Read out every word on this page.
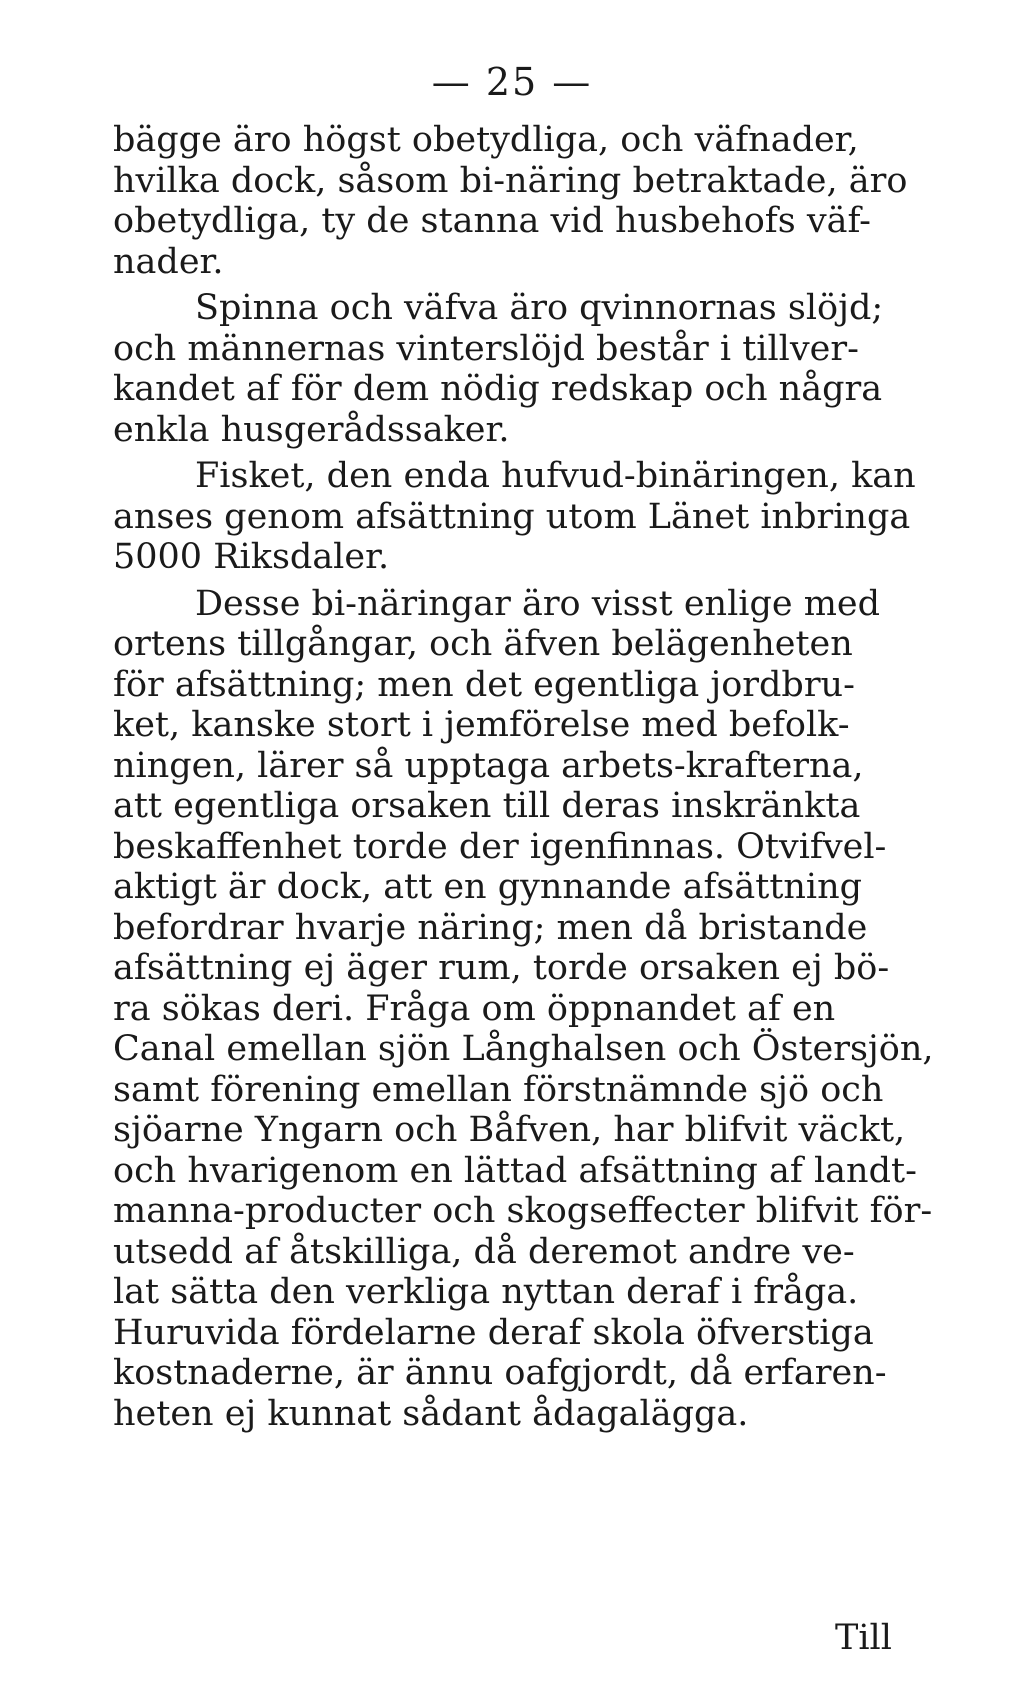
— 25 —
bägge äro högst obetydliga, och väfnader,
hvilka dock, såsom bi-näring betraktade, äro
obetydliga, ty de stanna vid husbehofs väf-
nader.
Spinna och väfva äro qvinnornas slöjd;
och männernas vinterslöjd består i tillver-
kandet af för dem nödig redskap och några
enkla husgerådssaker.
Fisket, den enda hufvud-binäringen, kan
anses genom afsättning utom Länet inbringa
5000 Riksdaler.
Desse bi-näringar äro visst enlige med
ortens tillgångar, och äfven belägenheten
för afsättning; men det egentliga jordbru-
ket, kanske stort i jemförelse med befolk-
ningen, lärer så upptaga arbets-krafterna,
att egentliga orsaken till deras inskränkta
beskaffenhet torde der igenfinnas. Otvifvel-
aktigt är dock, att en gynnande afsättning
befordrar hvarje näring; men då bristande
afsättning ej äger rum, torde orsaken ej bö-
ra sökas deri. Fråga om öppnandet af en
Canal emellan sjön Långhalsen och Östersjön,
samt förening emellan förstnämnde sjö och
sjöarne Yngarn och Båfven, har blifvit väckt,
och hvarigenom en lättad afsättning af landt-
manna-producter och skogseffecter blifvit för-
utsedd af åtskilliga, då deremot andre ve-
lat sätta den verkliga nyttan deraf i fråga.
Huruvida fördelarne deraf skola öfverstiga
kostnaderne, är ännu oafgjordt, då erfaren-
heten ej kunnat sådant ådagalägga.
Till
